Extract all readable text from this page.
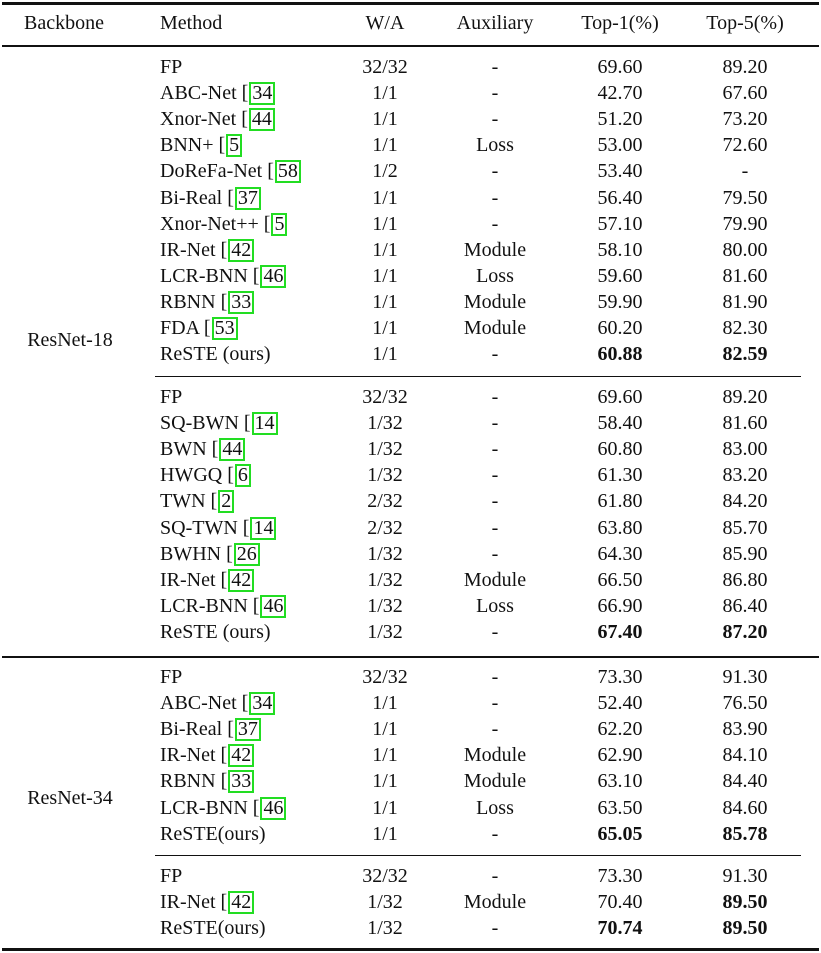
Backbone	Method	W/A	Auxiliary	Top-1(%)	Top-5(%)
ResNet-18
FP	32/32	-	69.60	89.20
ABC-Net [ 34	1/1	-	42.70	67.60
Xnor-Net [ 44	1/1	-	51.20	73.20
BNN+ [ 5	1/1	Loss	53.00	72.60
DoReFa-Net [ 58	1/2	-	53.40	-
Bi-Real [ 37	1/1	-	56.40	79.50
Xnor-Net++ [ 5	1/1	-	57.10	79.90
IR-Net [ 42	1/1	Module	58.10	80.00
LCR-BNN [ 46	1/1	Loss	59.60	81.60
RBNN [ 33	1/1	Module	59.90	81.90
FDA [ 53	1/1	Module	60.20	82.30
ReSTE (ours)	1/1	-	60.88	82.59
FP	32/32	-	69.60	89.20
SQ-BWN [ 14	1/32	-	58.40	81.60
BWN [ 44	1/32	-	60.80	83.00
HWGQ [ 6	1/32	-	61.30	83.20
TWN [ 2	2/32	-	61.80	84.20
SQ-TWN [ 14	2/32	-	63.80	85.70
BWHN [ 26	1/32	-	64.30	85.90
IR-Net [ 42	1/32	Module	66.50	86.80
LCR-BNN [ 46	1/32	Loss	66.90	86.40
ReSTE (ours)	1/32	-	67.40	87.20
ResNet-34
FP	32/32	-	73.30	91.30
ABC-Net [ 34	1/1	-	52.40	76.50
Bi-Real [ 37	1/1	-	62.20	83.90
IR-Net [ 42	1/1	Module	62.90	84.10
RBNN [ 33	1/1	Module	63.10	84.40
LCR-BNN [ 46	1/1	Loss	63.50	84.60
ReSTE(ours)	1/1	-	65.05	85.78
FP	32/32	-	73.30	91.30
IR-Net [ 42	1/32	Module	70.40	89.50
ReSTE(ours)	1/32	-	70.74	89.50
